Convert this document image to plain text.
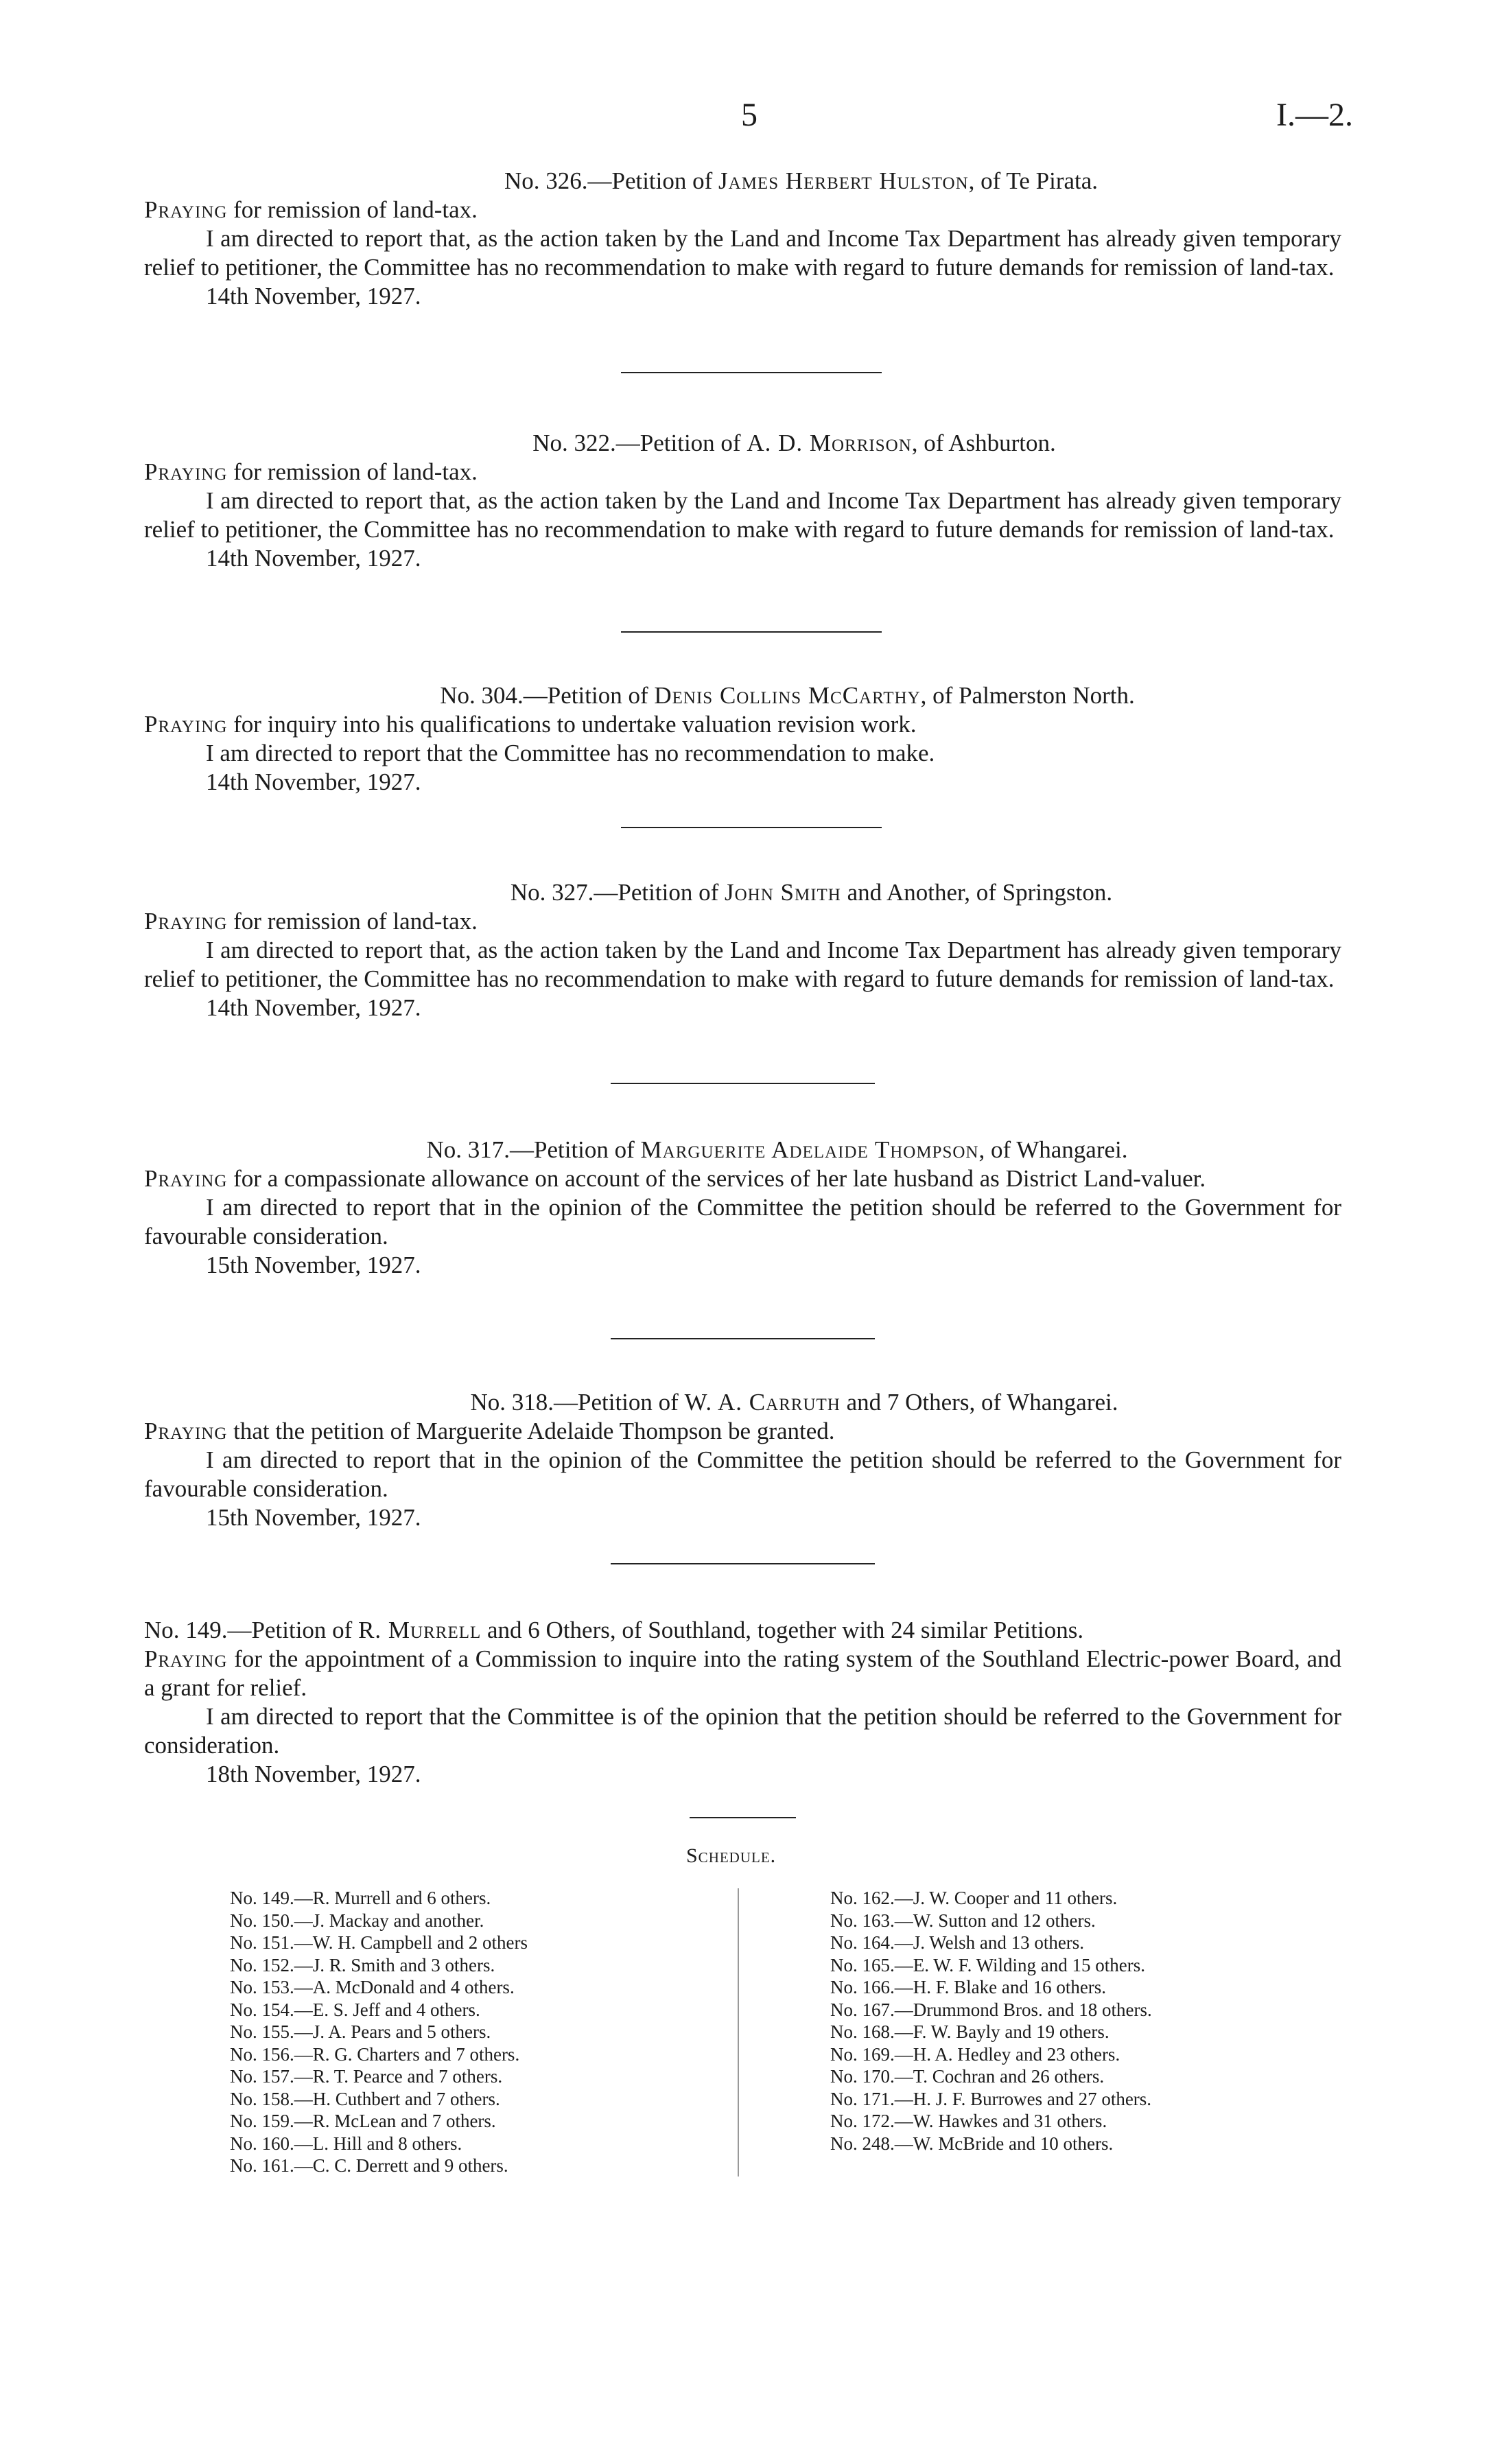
5	I.—2.

No. 326.—Petition of James Herbert Hulston, of Te Pirata.

Praying for remission of land-tax.

I am directed to report that, as the action taken by the Land and Income Tax Department has already given temporary relief to petitioner, the Committee has no recommendation to make with regard to future demands for remission of land-tax.

14th November, 1927.

No. 322.—Petition of A. D. Morrison, of Ashburton.

Praying for remission of land-tax.

I am directed to report that, as the action taken by the Land and Income Tax Department has already given temporary relief to petitioner, the Committee has no recommendation to make with regard to future demands for remission of land-tax.

14th November, 1927.

No. 304.—Petition of Denis Collins McCarthy, of Palmerston North.

Praying for inquiry into his qualifications to undertake valuation revision work.

I am directed to report that the Committee has no recommendation to make.

14th November, 1927.

No. 327.—Petition of John Smith and Another, of Springston.

Praying for remission of land-tax.

I am directed to report that, as the action taken by the Land and Income Tax Department has already given temporary relief to petitioner, the Committee has no recommendation to make with regard to future demands for remission of land-tax.

14th November, 1927.

No. 317.—Petition of Marguerite Adelaide Thompson, of Whangarei.

Praying for a compassionate allowance on account of the services of her late husband as District Land-valuer.

I am directed to report that in the opinion of the Committee the petition should be referred to the Government for favourable consideration.

15th November, 1927.

No. 318.—Petition of W. A. Carruth and 7 Others, of Whangarei.

Praying that the petition of Marguerite Adelaide Thompson be granted.

I am directed to report that in the opinion of the Committee the petition should be referred to the Government for favourable consideration.

15th November, 1927.

No. 149.—Petition of R. Murrell and 6 Others, of Southland, together with 24 similar Petitions.

Praying for the appointment of a Commission to inquire into the rating system of the Southland Electric-power Board, and a grant for relief.

I am directed to report that the Committee is of the opinion that the petition should be referred to the Government for consideration.

18th November, 1927.

Schedule.
No. 149.—R. Murrell and 6 others.
No. 150.—J. Mackay and another.
No. 151.—W. H. Campbell and 2 others
No. 152.—J. R. Smith and 3 others.
No. 153.—A. McDonald and 4 others.
No. 154.—E. S. Jeff and 4 others.
No. 155.—J. A. Pears and 5 others.
No. 156.—R. G. Charters and 7 others.
No. 157.—R. T. Pearce and 7 others.
No. 158.—H. Cuthbert and 7 others.
No. 159.—R. McLean and 7 others.
No. 160.—L. Hill and 8 others.
No. 161.—C. C. Derrett and 9 others.
No. 162.—J. W. Cooper and 11 others.
No. 163.—W. Sutton and 12 others.
No. 164.—J. Welsh and 13 others.
No. 165.—E. W. F. Wilding and 15 others.
No. 166.—H. F. Blake and 16 others.
No. 167.—Drummond Bros. and 18 others.
No. 168.—F. W. Bayly and 19 others.
No. 169.—H. A. Hedley and 23 others.
No. 170.—T. Cochran and 26 others.
No. 171.—H. J. F. Burrowes and 27 others.
No. 172.—W. Hawkes and 31 others.
No. 248.—W. McBride and 10 others.
